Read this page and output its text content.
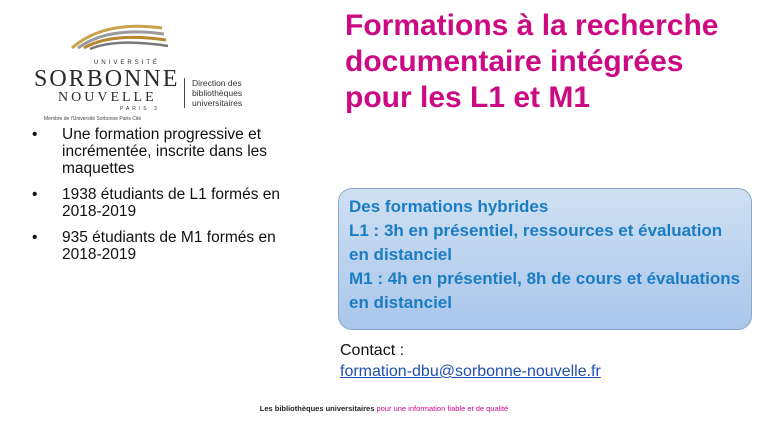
UNIVERSITÉ
SORBONNE
NOUVELLE
Direction des bibliothèques universitaires
PARIS 3
Membre de l'Université Sorbonne Paris Cité
Formations à la recherche documentaire intégrées pour les L1 et M1
• Une formation progressive et incrémentée, inscrite dans les maquettes
• 1938 étudiants de L1 formés en 2018-2019
• 935 étudiants de M1 formés en 2018-2019

Des formations hybrides

L1 : 3h en présentiel, ressources et évaluation en distanciel

M1 : 4h en présentiel, 8h de cours et évaluations en distanciel

Contact :
formation-dbu@sorbonne-nouvelle.fr
Les bibliothèques universitaires pour une information fiable et de qualité
